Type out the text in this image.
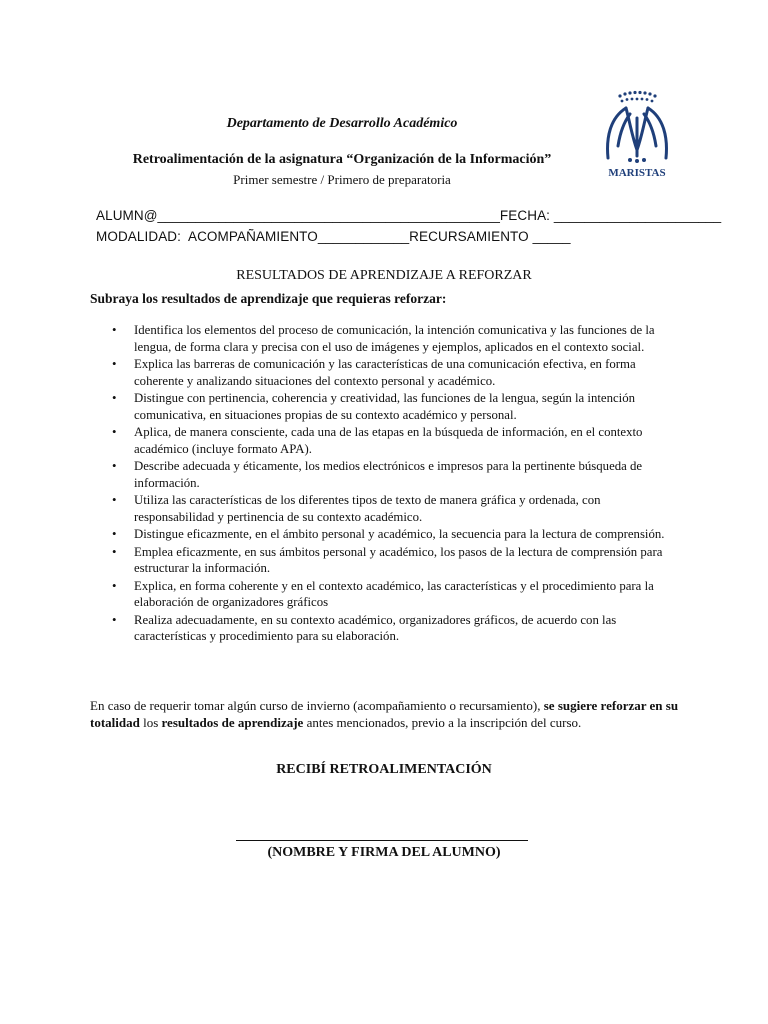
Departamento de Desarrollo Académico
Retroalimentación de la asignatura “Organización de la Información”
Primer semestre / Primero de preparatoria	MARISTAS
ALUMN@_____________________________________________FECHA: ______________________
MODALIDAD:  ACOMPAÑAMIENTO____________RECURSAMIENTO _____
RESULTADOS DE APRENDIZAJE A REFORZAR
Subraya los resultados de aprendizaje que requieras reforzar:
• Identifica los elementos del proceso de comunicación, la intención comunicativa y las funciones de la lengua, de forma clara y precisa con el uso de imágenes y ejemplos, aplicados en el contexto social.
• Explica las barreras de comunicación y las características de una comunicación efectiva, en forma coherente y analizando situaciones del contexto personal y académico.
• Distingue con pertinencia, coherencia y creatividad, las funciones de la lengua, según la intención comunicativa, en situaciones propias de su contexto académico y personal.
• Aplica, de manera consciente, cada una de las etapas en la búsqueda de información, en el contexto académico (incluye formato APA).
• Describe adecuada y éticamente, los medios electrónicos e impresos para la pertinente búsqueda de información.
• Utiliza las características de los diferentes tipos de texto de manera gráfica y ordenada, con responsabilidad y pertinencia de su contexto académico.
• Distingue eficazmente, en el ámbito personal y académico, la secuencia para la lectura de comprensión.
• Emplea eficazmente, en sus ámbitos personal y académico, los pasos de la lectura de comprensión para estructurar la información.
• Explica, en forma coherente y en el contexto académico, las características y el procedimiento para la elaboración de organizadores gráficos
• Realiza adecuadamente, en su contexto académico, organizadores gráficos, de acuerdo con las características y procedimiento para su elaboración.
En caso de requerir tomar algún curso de invierno (acompañamiento o recursamiento), se sugiere reforzar en su totalidad los resultados de aprendizaje antes mencionados, previo a la inscripción del curso.
RECIBÍ RETROALIMENTACIÓN
(NOMBRE Y FIRMA DEL ALUMNO)
